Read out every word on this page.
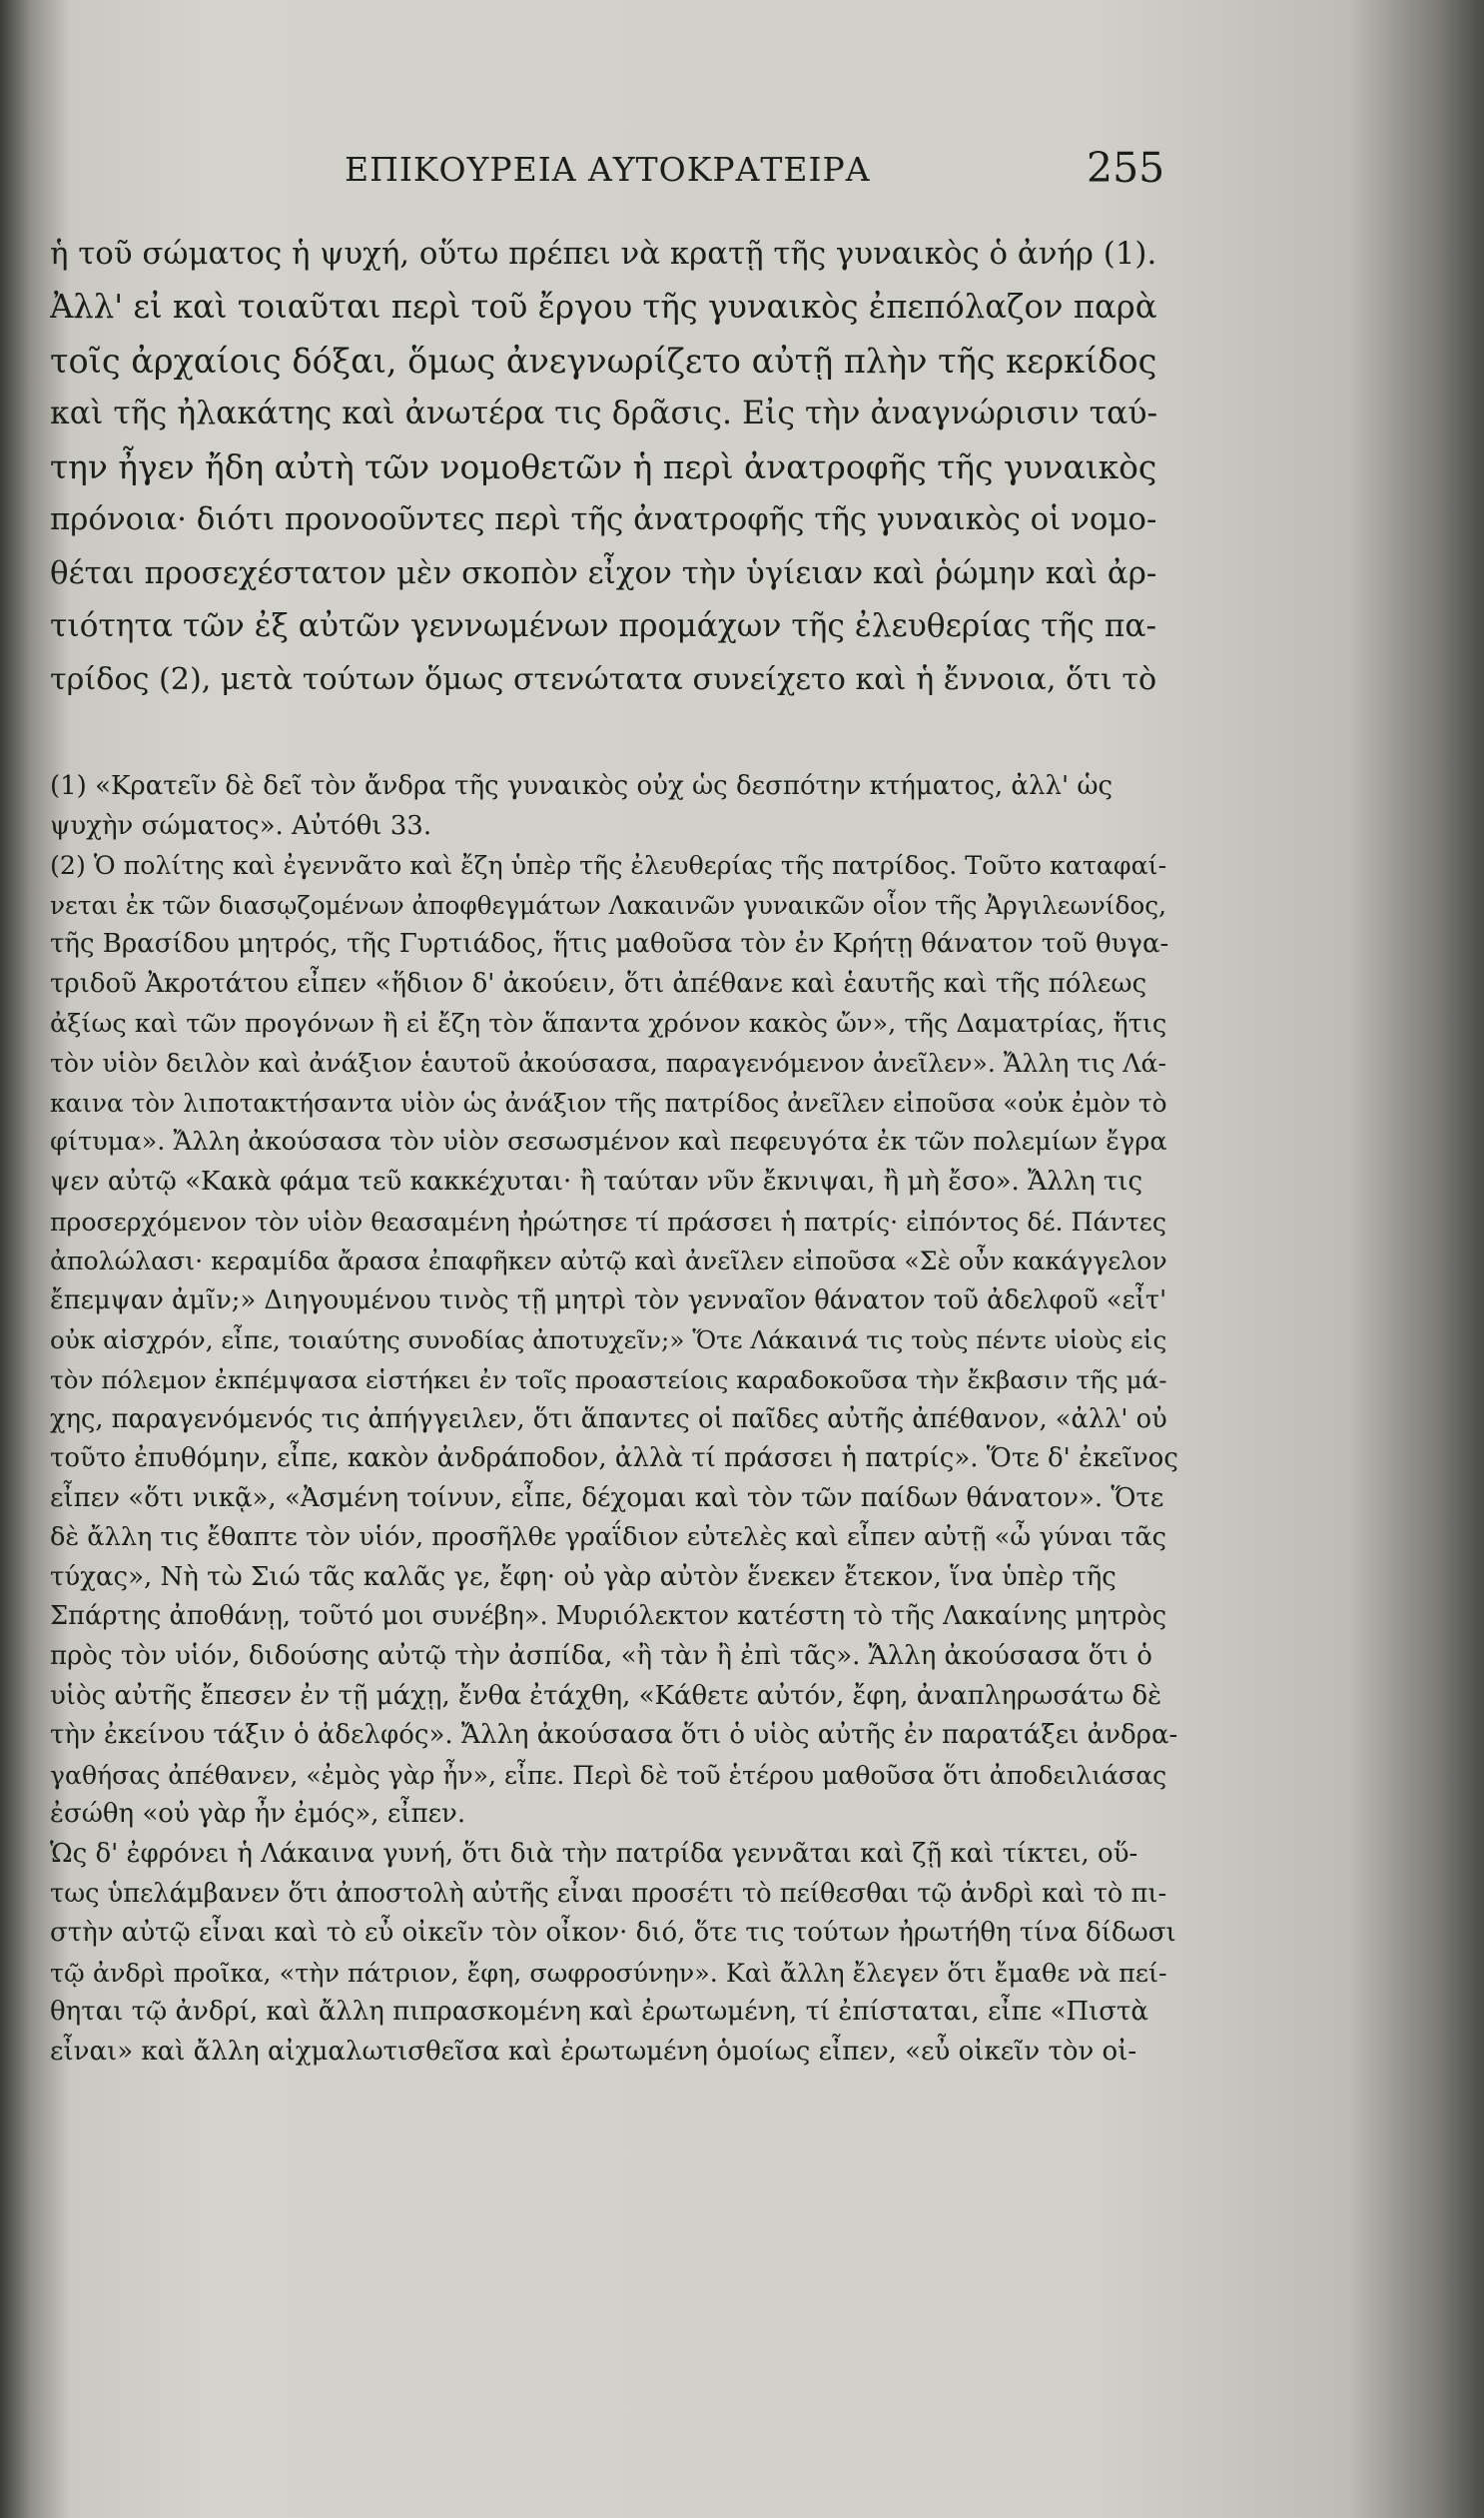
ΕΠΙΚΟΥΡΕΙΑ ΑΥΤΟΚΡΑΤΕΙΡΑ	255
ἡ τοῦ σώματος ἡ ψυχή, οὕτω πρέπει νὰ κρατῇ τῆς γυναικὸς ὁ ἀνήρ (1).
Ἀλλ' εἰ καὶ τοιαῦται περὶ τοῦ ἔργου τῆς γυναικὸς ἐπεπόλαζον παρὰ
τοῖς ἀρχαίοις δόξαι, ὅμως ἀνεγνωρίζετο αὐτῇ πλὴν τῆς κερκίδος
καὶ τῆς ἠλακάτης καὶ ἀνωτέρα τις δρᾶσις. Εἰς τὴν ἀναγνώρισιν ταύ-
την ἦγεν ἤδη αὐτὴ τῶν νομοθετῶν ἡ περὶ ἀνατροφῆς τῆς γυναικὸς
πρόνοια· διότι προνοοῦντες περὶ τῆς ἀνατροφῆς τῆς γυναικὸς οἱ νομο-
θέται προσεχέστατον μὲν σκοπὸν εἶχον τὴν ὑγίειαν καὶ ῥώμην καὶ ἀρ-
τιότητα τῶν ἐξ αὐτῶν γεννωμένων προμάχων τῆς ἐλευθερίας τῆς πα-
τρίδος (2), μετὰ τούτων ὅμως στενώτατα συνείχετο καὶ ἡ ἔννοια, ὅτι τὸ
(1) «Κρατεῖν δὲ δεῖ τὸν ἄνδρα τῆς γυναικὸς οὐχ ὡς δεσπότην κτήματος, ἀλλ' ὡς
ψυχὴν σώματος». Αὐτόθι 33.
(2) Ὁ πολίτης καὶ ἐγεννᾶτο καὶ ἔζη ὑπὲρ τῆς ἐλευθερίας τῆς πατρίδος. Τοῦτο καταφαί-
νεται ἐκ τῶν διασῳζομένων ἀποφθεγμάτων Λακαινῶν γυναικῶν οἷον τῆς Ἀργιλεωνίδος,
τῆς Βρασίδου μητρός, τῆς Γυρτιάδος, ἥτις μαθοῦσα τὸν ἐν Κρήτῃ θάνατον τοῦ θυγα-
τριδοῦ Ἀκροτάτου εἶπεν «ἥδιον δ' ἀκούειν, ὅτι ἀπέθανε καὶ ἑαυτῆς καὶ τῆς πόλεως
ἀξίως καὶ τῶν προγόνων ἢ εἰ ἔζη τὸν ἅπαντα χρόνον κακὸς ὤν», τῆς Δαματρίας, ἥτις
τὸν υἱὸν δειλὸν καὶ ἀνάξιον ἑαυτοῦ ἀκούσασα, παραγενόμενον ἀνεῖλεν». Ἄλλη τις Λά-
καινα τὸν λιποτακτήσαντα υἱὸν ὡς ἀνάξιον τῆς πατρίδος ἀνεῖλεν εἰποῦσα «οὐκ ἐμὸν τὸ
φίτυμα». Ἄλλη ἀκούσασα τὸν υἱὸν σεσωσμένον καὶ πεφευγότα ἐκ τῶν πολεμίων ἔγρα
ψεν αὐτῷ «Κακὰ φάμα τεῦ κακκέχυται· ἢ ταύταν νῦν ἔκνιψαι, ἢ μὴ ἔσο». Ἄλλη τις
προσερχόμενον τὸν υἱὸν θεασαμένη ἠρώτησε τί πράσσει ἡ πατρίς· εἰπόντος δέ. Πάντες
ἀπολώλασι· κεραμίδα ἄρασα ἐπαφῆκεν αὐτῷ καὶ ἀνεῖλεν εἰποῦσα «Σὲ οὖν κακάγγελον
ἔπεμψαν ἀμῖν;» Διηγουμένου τινὸς τῇ μητρὶ τὸν γενναῖον θάνατον τοῦ ἀδελφοῦ «εἶτ'
οὐκ αἰσχρόν, εἶπε, τοιαύτης συνοδίας ἀποτυχεῖν;» Ὅτε Λάκαινά τις τοὺς πέντε υἱοὺς εἰς
τὸν πόλεμον ἐκπέμψασα εἱστήκει ἐν τοῖς προαστείοις καραδοκοῦσα τὴν ἔκβασιν τῆς μά-
χης, παραγενόμενός τις ἀπήγγειλεν, ὅτι ἅπαντες οἱ παῖδες αὐτῆς ἀπέθανον, «ἀλλ' οὐ
τοῦτο ἐπυθόμην, εἶπε, κακὸν ἀνδράποδον, ἀλλὰ τί πράσσει ἡ πατρίς». Ὅτε δ' ἐκεῖνος
εἶπεν «ὅτι νικᾷ», «Ἀσμένη τοίνυν, εἶπε, δέχομαι καὶ τὸν τῶν παίδων θάνατον». Ὅτε
δὲ ἄλλη τις ἔθαπτε τὸν υἱόν, προσῆλθε γραΐδιον εὐτελὲς καὶ εἶπεν αὐτῇ «ὦ γύναι τᾶς
τύχας», Νὴ τὼ Σιώ τᾶς καλᾶς γε, ἔφη· οὐ γὰρ αὐτὸν ἕνεκεν ἔτεκον, ἵνα ὑπὲρ τῆς
Σπάρτης ἀποθάνῃ, τοῦτό μοι συνέβη». Μυριόλεκτον κατέστη τὸ τῆς Λακαίνης μητρὸς
πρὸς τὸν υἱόν, διδούσης αὐτῷ τὴν ἀσπίδα, «ἢ τὰν ἢ ἐπὶ τᾶς». Ἄλλη ἀκούσασα ὅτι ὁ
υἱὸς αὐτῆς ἔπεσεν ἐν τῇ μάχῃ, ἔνθα ἐτάχθη, «Κάθετε αὐτόν, ἔφη, ἀναπληρωσάτω δὲ
τὴν ἐκείνου τάξιν ὁ ἀδελφός». Ἄλλη ἀκούσασα ὅτι ὁ υἱὸς αὐτῆς ἐν παρατάξει ἀνδρα-
γαθήσας ἀπέθανεν, «ἐμὸς γὰρ ἦν», εἶπε. Περὶ δὲ τοῦ ἑτέρου μαθοῦσα ὅτι ἀποδειλιάσας
ἐσώθη «οὐ γὰρ ἦν ἐμός», εἶπεν.
Ὡς δ' ἐφρόνει ἡ Λάκαινα γυνή, ὅτι διὰ τὴν πατρίδα γεννᾶται καὶ ζῇ καὶ τίκτει, οὕ-
τως ὑπελάμβανεν ὅτι ἀποστολὴ αὐτῆς εἶναι προσέτι τὸ πείθεσθαι τῷ ἀνδρὶ καὶ τὸ πι-
στὴν αὐτῷ εἶναι καὶ τὸ εὖ οἰκεῖν τὸν οἶκον· διό, ὅτε τις τούτων ἠρωτήθη τίνα δίδωσι
τῷ ἀνδρὶ προῖκα, «τὴν πάτριον, ἔφη, σωφροσύνην». Καὶ ἄλλη ἔλεγεν ὅτι ἔμαθε νὰ πεί-
θηται τῷ ἀνδρί, καὶ ἄλλη πιπρασκομένη καὶ ἐρωτωμένη, τί ἐπίσταται, εἶπε «Πιστὰ
εἶναι» καὶ ἄλλη αἰχμαλωτισθεῖσα καὶ ἐρωτωμένη ὁμοίως εἶπεν, «εὖ οἰκεῖν τὸν οἰ-
